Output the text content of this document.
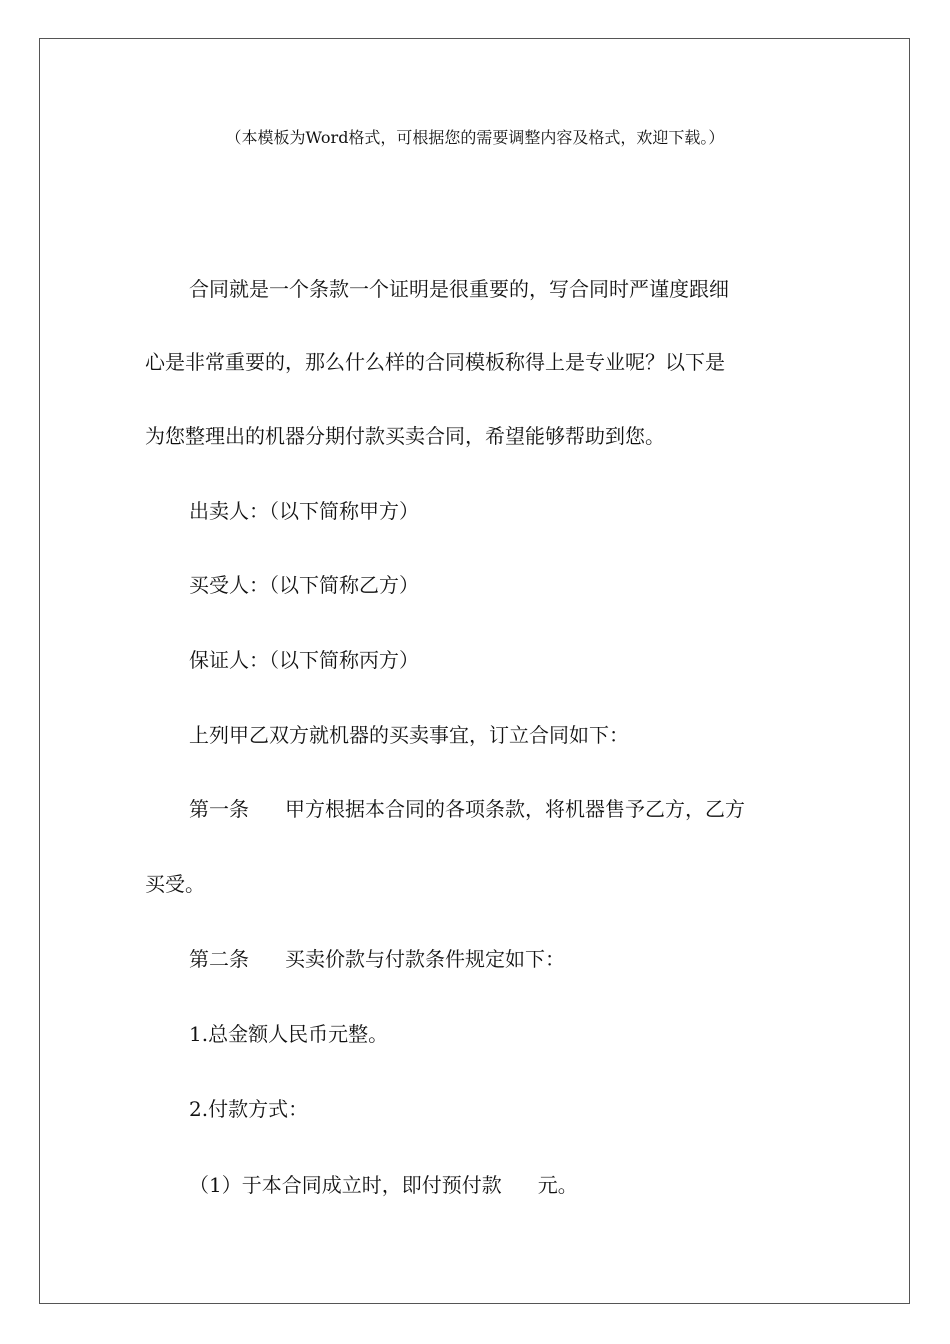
（本模板为Word格式，可根据您的需要调整内容及格式，欢迎下载。）
合同就是一个条款一个证明是很重要的，写合同时严谨度跟细
心是非常重要的，那么什么样的合同模板称得上是专业呢？以下是
为您整理出的机器分期付款买卖合同，希望能够帮助到您。
出卖人：（以下简称甲方）
买受人：（以下简称乙方）
保证人：（以下简称丙方）
上列甲乙双方就机器的买卖事宜，订立合同如下：
第一条 甲方根据本合同的各项条款，将机器售予乙方，乙方
买受。
第二条 买卖价款与付款条件规定如下：
1.总金额人民币元整。
2.付款方式：
（1）于本合同成立时，即付预付款 元。
